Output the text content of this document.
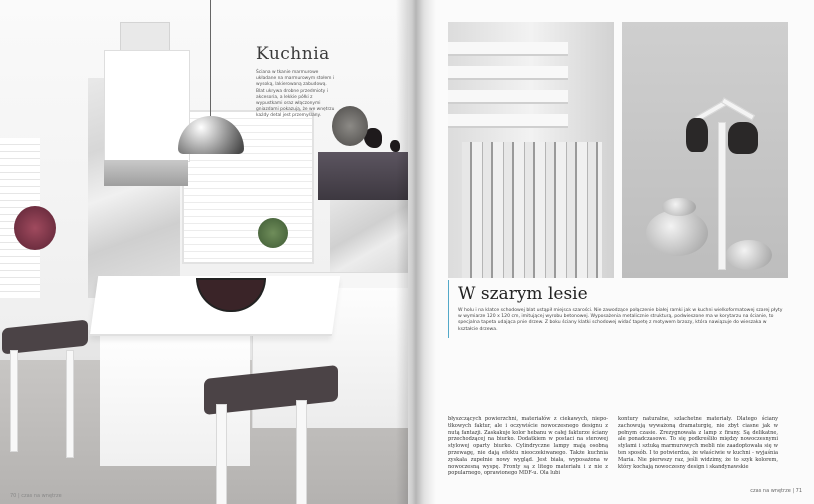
Kuchnia
Ściana w tkanie marmurowe układane na marmurowym stołem i wysoką, lakierowaną zabudową. Blat ukrywa drobne przedmioty i akcesoria, a lekkie półki z wypustkami oraz włączonymi gniazdami pokazują, że we wnętrzu każdy detal jest przemyślany.
70 | czas na wnętrze
W szarym lesie
W holu i na klatce schodowej blat ustąpił miejsca szarości. Nie zawodzące połączenie białej ramki jak w kuchni wielkoformatowej szarej płyty w wymiarze 120 x 120 cm, imitującej wyrobu betonowej. Wyposażenia metalicznie strukturą, podwieszone ma w korytarzu na ścianie, to specjalna tapeta udająca pnie drzew. Z boku ściany klatki schodowej widać tapetę z motywem brzozy, która nawiązuje do wieszaka w kształcie drzewa.
błyszczących powierzchni, materiałów z ciekawych, niepo- tłkowych faktur, ale i oczywiście nowoczesnego designu z nutą fantazji. Zaskakuje kolor hebanu w całej fakturze ściany przechodzącej na biurko. Dodatkiem w postaci na sterowej stylowej oparty biurko. Cylindryczne lampy mają osobną przewagę, nie dają efektu nieoczekiwanego. Także kuchnia zyskała zupełnie nowy wygląd. Jest biała, wyposażona w nowoczesną wyspę. Fronty są z litego materiału i z nie z popularnego, oprawionego MDF-u. Ola lubi
kontury naturalne, szlachetne materiały. Dlatego ściany zachowują wyważoną dramaturgię, nie zbyt ciasne jak w pełnym czasie. Zrezygnowała z lamp z firany. Są delikatne, ale ponadczasowe. To się podkreśliło między nowoczesnymi stylami i sztuką marmurowych mebli nie zaadoptowała się w ten sposób. I to potwierdza, że właściwie w kuchni - wyjaśnia Maria. Nie pierwszy raz, jeśli widzimy, że to szyk kolorem, który kochają nowoczesny design i skandynawskie
czas na wnętrze | 71
